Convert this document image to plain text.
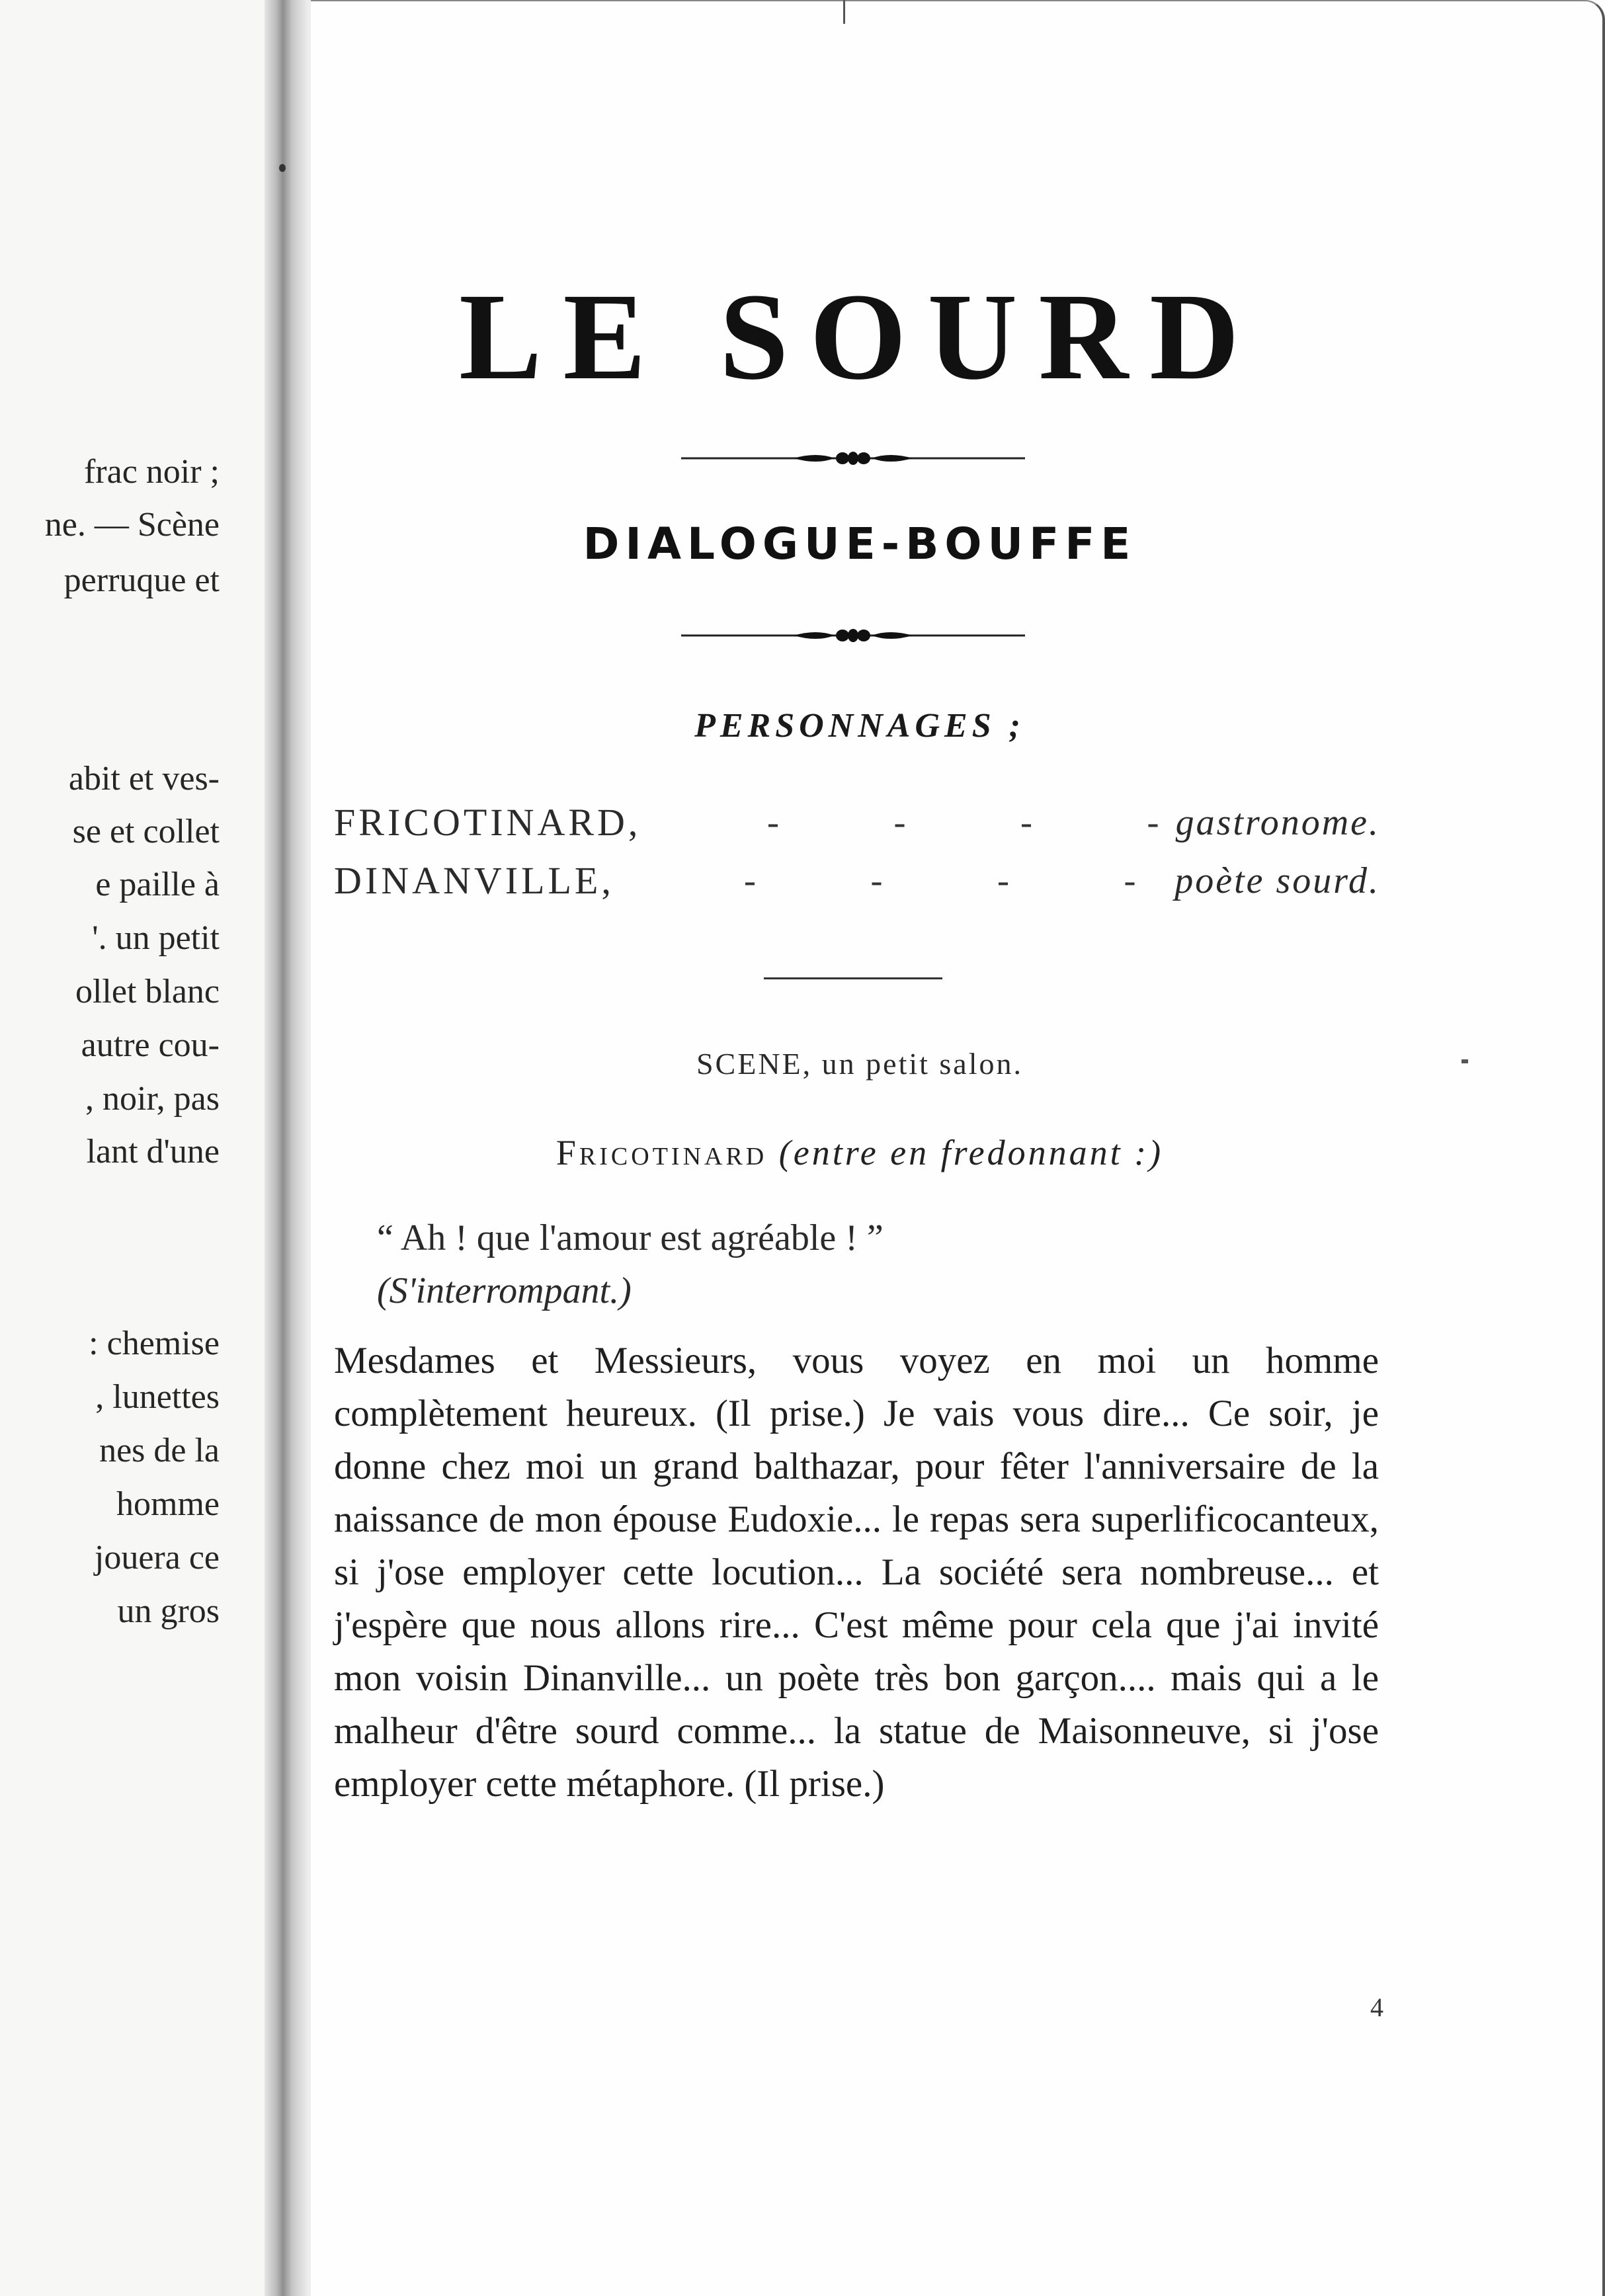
frac noir ;
ne. — Scène
perruque et
abit et ves-
se et collet
e paille à
'. un petit
ollet blanc
autre cou-
, noir, pas
lant d'une
: chemise
, lunettes
nes de la
homme
jouera ce
un gros
LE SOURD
DIALOGUE-BOUFFE
PERSONNAGES ;
FRICOTINARD,	- - - -
gastronome.
DINANVILLE,	- - - -
poète sourd.
SCENE, un petit salon.
Fricotinard (entre en fredonnant :)
“ Ah ! que l'amour est agréable ! ”
(S'interrompant.)
Mesdames et Messieurs, vous voyez en moi un homme complètement heureux. (Il prise.) Je vais vous dire... Ce soir, je donne chez moi un grand balthazar, pour fêter l'anniversaire de la naissance de mon épouse Eudoxie... le repas sera superlificocanteux, si j'ose employer cette locution... La société sera nombreuse... et j'espère que nous allons rire... C'est même pour cela que j'ai invité mon voisin Dinanville... un poète très bon garçon.... mais qui a le malheur d'être sourd comme... la statue de Maisonneuve, si j'ose employer cette métaphore. (Il prise.)
4
